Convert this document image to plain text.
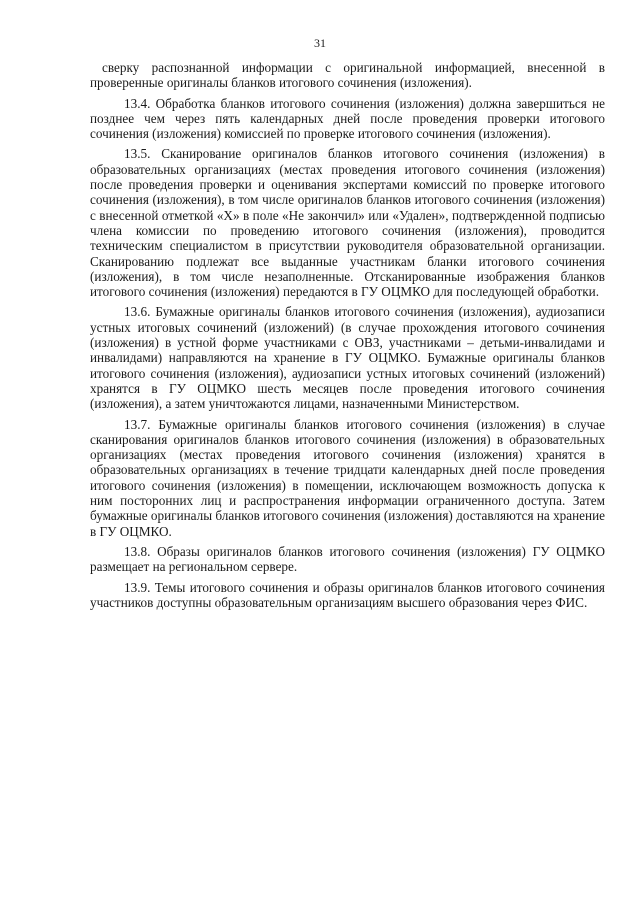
31

сверку распознанной информации с оригинальной информацией, внесенной в проверенные оригиналы бланков итогового сочинения (изложения).

13.4. Обработка бланков итогового сочинения (изложения) должна завершиться не позднее чем через пять календарных дней после проведения проверки итогового сочинения (изложения) комиссией по проверке итогового сочинения (изложения).

13.5. Сканирование оригиналов бланков итогового сочинения (изложения) в образовательных организациях (местах проведения итогового сочинения (изложения) после проведения проверки и оценивания экспертами комиссий по проверке итогового сочинения (изложения), в том числе оригиналов бланков итогового сочинения (изложения) с внесенной отметкой «Х» в поле «Не закончил» или «Удален», подтвержденной подписью члена комиссии по проведению итогового сочинения (изложения), проводится техническим специалистом в присутствии руководителя образовательной организации. Сканированию подлежат все выданные участникам бланки итогового сочинения (изложения), в том числе незаполненные. Отсканированные изображения бланков итогового сочинения (изложения) передаются в ГУ ОЦМКО для последующей обработки.

13.6. Бумажные оригиналы бланков итогового сочинения (изложения), аудиозаписи устных итоговых сочинений (изложений) (в случае прохождения итогового сочинения (изложения) в устной форме участниками с ОВЗ, участниками – детьми-инвалидами и инвалидами) направляются на хранение в ГУ ОЦМКО. Бумажные оригиналы бланков итогового сочинения (изложения), аудиозаписи устных итоговых сочинений (изложений) хранятся в ГУ ОЦМКО шесть месяцев после проведения итогового сочинения (изложения), а затем уничтожаются лицами, назначенными Министерством.

13.7. Бумажные оригиналы бланков итогового сочинения (изложения) в случае сканирования оригиналов бланков итогового сочинения (изложения) в образовательных организациях (местах проведения итогового сочинения (изложения) хранятся в образовательных организациях в течение тридцати календарных дней после проведения итогового сочинения (изложения) в помещении, исключающем возможность допуска к ним посторонних лиц и распространения информации ограниченного доступа. Затем бумажные оригиналы бланков итогового сочинения (изложения) доставляются на хранение в ГУ ОЦМКО.

13.8. Образы оригиналов бланков итогового сочинения (изложения) ГУ ОЦМКО размещает на региональном сервере.

13.9. Темы итогового сочинения и образы оригиналов бланков итогового сочинения участников доступны образовательным организациям высшего образования через ФИС.
